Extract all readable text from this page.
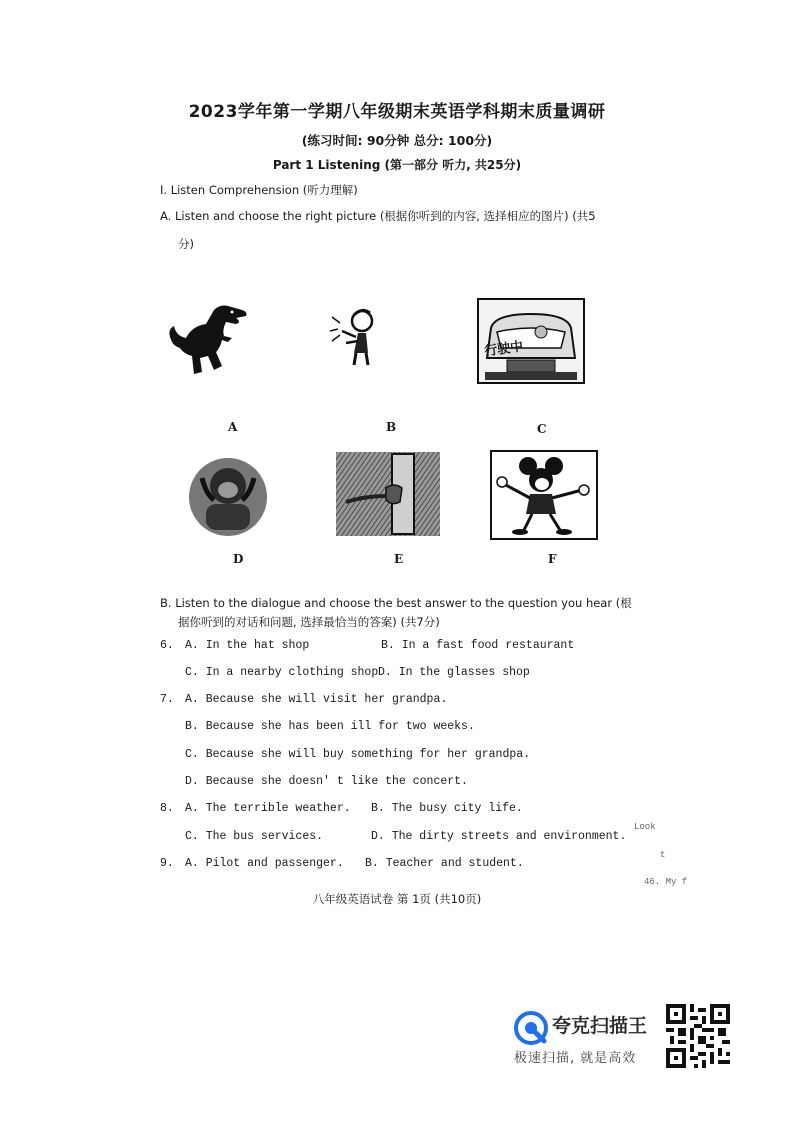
2023学年第一学期八年级期末英语学科期末质量调研
(练习时间: 90分钟 总分: 100分)
Part 1 Listening (第一部分 听力, 共25分)
I. Listen Comprehension (听力理解)
A. Listen and choose the right picture (根据你听到的内容, 选择相应的图片) (共5
分)
A	B
行驶中
C
D	E	F
B. Listen to the dialogue and choose the best answer to the question you hear (根
据你听到的对话和问题, 选择最恰当的答案) (共7分)
6. A. In the hat shop	B. In a fast food restaurant
C. In a nearby clothing shop D. In the glasses shop
7. A. Because she will visit her grandpa.
B. Because she has been ill for two weeks.
C. Because she will buy something for her grandpa.
D. Because she doesn' t like the concert.
8. A. The terrible weather. B. The busy city life.
C. The bus services.	D. The dirty streets and environment.
9. A. Pilot and passenger. B. Teacher and student.
Look
t
46. My f
八年级英语试卷 第 1页 (共10页)
夸克扫描王
极速扫描, 就是高效
